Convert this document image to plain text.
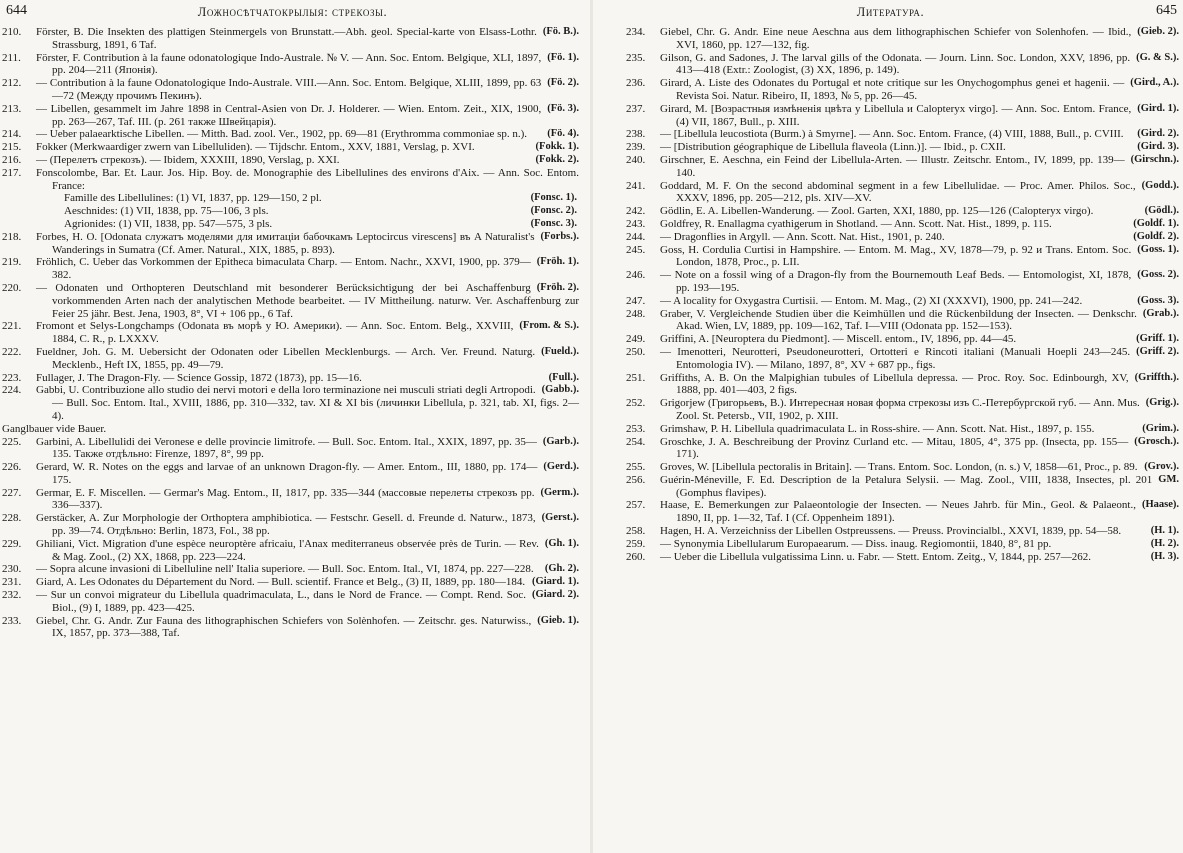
644	Ложносѣтчатокрылыя: стрекозы.
(Fö. B.).
210. Förster, B. Die Insekten des plattigen Steinmergels von Brunstatt.—Abh. geol. Special-karte von Elsass-Lothr. Strassburg, 1891, 6 Taf.
(Fö. 1).
211. Förster, F. Contribution à la faune odonatologique Indo-Australe. № V. — Ann. Soc. Entom. Belgique, XLI, 1897, pp. 204—211 (Японія).
(Fö. 2).
212. — Contribution à la faune Odonatologique Indo-Australe. VIII.—Ann. Soc. Entom. Belgique, XLIII, 1899, pp. 63—72 (Между прочимъ Пекинъ).
(Fö. 3).
213. — Libellen, gesammelt im Jahre 1898 in Central-Asien von Dr. J. Holderer. — Wien. Entom. Zeit., XIX, 1900, pp. 263—267, Taf. III. (p. 261 также Швейцарія).
(Fö. 4).
214. — Ueber palaearktische Libellen. — Mitth. Bad. zool. Ver., 1902, pp. 69—81 (Erythromma commoniae sp. n.).
(Fokk. 1).
215. Fokker (Merkwaardiger zwern van Libelluliden). — Tijdschr. Entom., XXV, 1881, Verslag, p. XVI.
(Fokk. 2).
216. — (Перелетъ стрекозъ). — Ibidem, XXXIII, 1890, Verslag, p. XXI.
217. Fonscolombe, Bar. Et. Laur. Jos. Hip. Boy. de. Monographie des Libellulines des environs d'Aix. — Ann. Soc. Entom. France:
(Fonsc. 1).
Famille des Libellulines: (1) VI, 1837, pp. 129—150, 2 pl.
(Fonsc. 2).
Aeschnides: (1) VII, 1838, pp. 75—106, 3 pls.
(Fonsc. 3).
Agrionides: (1) VII, 1838, pp. 547—575, 3 pls.
(Forbs.).
218. Forbes, H. O. [Odonata служатъ моделями для имитаціи бабочкамъ Leptocircus virescens] въ A Naturalist's Wanderings in Sumatra (Cf. Amer. Natural., XIX, 1885, p. 893).
(Fröh. 1).
219. Fröhlich, C. Ueber das Vorkommen der Epitheca bimaculata Charp. — Entom. Nachr., XXVI, 1900, pp. 379—382.
(Fröh. 2).
220. — Odonaten und Orthopteren Deutschland mit besonderer Berücksichtigung der bei Aschaffenburg vorkommenden Arten nach der analytischen Methode bearbeitet. — IV Mittheilung. naturw. Ver. Aschaffenburg zur Feier 25 jähr. Best. Jena, 1903, 8°, VI + 106 pp., 6 Taf.
(From. & S.).
221. Fromont et Selys-Longchamps (Odonata въ морѣ у Ю. Америки). — Ann. Soc. Entom. Belg., XXVIII, 1884, C. R., p. LXXXV.
(Fueld.).
222. Fueldner, Joh. G. M. Uebersicht der Odonaten oder Libellen Mecklenburgs. — Arch. Ver. Freund. Naturg. Mecklenb., Heft IX, 1855, pp. 49—79.
(Full.).
223. Fullager, J. The Dragon-Fly. — Science Gossip, 1872 (1873), pp. 15—16.
(Gabb.).
224. Gabbi, U. Contribuzione allo studio dei nervi motori e della loro terminazione nei musculi striati degli Artropodi. — Bull. Soc. Entom. Ital., XVIII, 1886, pp. 310—332, tav. XI & XI bis (личинки Libellula, p. 321, tab. XI, figs. 2—4).
Ganglbauer vide Bauer.
(Garb.).
225. Garbini, A. Libellulidi dei Veronese e delle provincie limitrofe. — Bull. Soc. Entom. Ital., XXIX, 1897, pp. 35—135. Также отдѣльно: Firenze, 1897, 8°, 99 pp.
(Gerd.).
226. Gerard, W. R. Notes on the eggs and larvae of an unknown Dragon-fly. — Amer. Entom., III, 1880, pp. 174—175.
(Germ.).
227. Germar, E. F. Miscellen. — Germar's Mag. Entom., II, 1817, pp. 335—344 (массовые перелеты стрекозъ pp. 336—337).
(Gerst.).
228. Gerstäcker, A. Zur Morphologie der Orthoptera amphibiotica. — Festschr. Gesell. d. Freunde d. Naturw., 1873, pp. 39—74. Отдѣльно: Berlin, 1873, Fol., 38 pp.
(Gh. 1).
229. Ghiliani, Vict. Migration d'une espèce neuroptère africaiu, l'Anax mediterraneus observée près de Turin. — Rev. & Mag. Zool., (2) XX, 1868, pp. 223—224.
(Gh. 2).
230. — Sopra alcune invasioni di Libelluline nell' Italia superiore. — Bull. Soc. Entom. Ital., VI, 1874, pp. 227—228.
(Giard. 1).
231. Giard, A. Les Odonates du Département du Nord. — Bull. scientif. France et Belg., (3) II, 1889, pp. 180—184.
(Giard. 2).
232. — Sur un convoi migrateur du Libellula quadrimaculata, L., dans le Nord de France. — Compt. Rend. Soc. Biol., (9) I, 1889, pp. 423—425.
(Gieb. 1).
233. Giebel, Chr. G. Andr. Zur Fauna des lithographischen Schiefers von Solènhofen. — Zeitschr. ges. Naturwiss., IX, 1857, pp. 373—388, Taf.
Литература.	645
(Gieb. 2).
234. Giebel, Chr. G. Andr. Eine neue Aeschna aus dem lithographischen Schiefer von Solenhofen. — Ibid., XVI, 1860, pp. 127—132, fig.
(G. & S.).
235. Gilson, G. and Sadones, J. The larval gills of the Odonata. — Journ. Linn. Soc. London, XXV, 1896, pp. 413—418 (Extr.: Zoologist, (3) XX, 1896, p. 149).
(Gird., A.).
236. Girard, A. Liste des Odonates du Portugal et note critique sur les Onychogomphus genei et hagenii. — Revista Soi. Natur. Ribeiro, II, 1893, № 5, pp. 26—45.
(Gird. 1).
237. Girard, M. [Возрастныя измѣненія цвѣта у Libellula и Calopteryx virgo]. — Ann. Soc. Entom. France, (4) VII, 1867, Bull., p. XIII.
(Gird. 2).
238. — [Libellula leucostiota (Burm.) à Smyrne]. — Ann. Soc. Entom. France, (4) VIII, 1888, Bull., p. CVIII.
(Gird. 3).
239. — [Distribution géographique de Libellula flaveola (Linn.)]. — Ibid., p. CXII.
(Girschn.).
240. Girschner, E. Aeschna, ein Feind der Libellula-Arten. — Illustr. Zeitschr. Entom., IV, 1899, pp. 139—140.
(Godd.).
241. Goddard, M. F. On the second abdominal segment in a few Libellulidae. — Proc. Amer. Philos. Soc., XXXV, 1896, pp. 205—212, pls. XIV—XV.
(Gödl.).
242. Gödlin, E. A. Libellen-Wanderung. — Zool. Garten, XXI, 1880, pp. 125—126 (Calopteryx virgo).
(Goldf. 1).
243. Goldfrey, R. Enallagma cyathigerum in Shotland. — Ann. Scott. Nat. Hist., 1899, p. 115.
(Goldf. 2).
244. — Dragonflies in Argyll. — Ann. Scott. Nat. Hist., 1901, p. 240.
(Goss. 1).
245. Goss, H. Cordulia Curtisi in Hampshire. — Entom. M. Mag., XV, 1878—79, p. 92 и Trans. Entom. Soc. London, 1878, Proc., p. LII.
(Goss. 2).
246. — Note on a fossil wing of a Dragon-fly from the Bournemouth Leaf Beds. — Entomologist, XI, 1878, pp. 193—195.
(Goss. 3).
247. — A locality for Oxygastra Curtisii. — Entom. M. Mag., (2) XI (XXXVI), 1900, pp. 241—242.
(Grab.).
248. Graber, V. Vergleichende Studien über die Keimhüllen und die Rückenbildung der Insecten. — Denkschr. Akad. Wien, LV, 1889, pp. 109—162, Taf. I—VIII (Odonata pp. 152—153).
(Griff. 1).
249. Griffini, A. [Neuroptera du Piedmont]. — Miscell. entom., IV, 1896, pp. 44—45.
(Griff. 2).
250. — Imenotteri, Neurotteri, Pseudoneurotteri, Ortotteri e Rincoti italiani (Manuali Hoepli 243—245. Entomologia IV). — Milano, 1897, 8°, XV + 687 pp., figs.
(Griffth.).
251. Griffiths, A. B. On the Malpighian tubules of Libellula depressa. — Proc. Roy. Soc. Edinbourgh, XV, 1888, pp. 401—403, 2 figs.
(Grig.).
252. Grigorjew (Григорьевъ, В.). Интересная новая форма стрекозы изъ С.-Петербургской губ. — Ann. Mus. Zool. St. Petersb., VII, 1902, p. XIII.
(Grim.).
253. Grimshaw, P. H. Libellula quadrimaculata L. in Ross-shire. — Ann. Scott. Nat. Hist., 1897, p. 155.
(Grosch.).
254. Groschke, J. A. Beschreibung der Provinz Curland etc. — Mitau, 1805, 4°, 375 pp. (Insecta, pp. 155—171).
(Grov.).
255. Groves, W. [Libellula pectoralis in Britain]. — Trans. Entom. Soc. London, (n. s.) V, 1858—61, Proc., p. 89.
GM.
256. Guérin-Méneville, F. Ed. Description de la Petalura Selysii. — Mag. Zool., VIII, 1838, Insectes, pl. 201 (Gomphus flavipes).
(Haase).
257. Haase, E. Bemerkungen zur Palaeontologie der Insecten. — Neues Jahrb. für Min., Geol. & Palaeont., 1890, II, pp. 1—32, Taf. I (Cf. Oppenheim 1891).
(H. 1).
258. Hagen, H. A. Verzeichniss der Libellen Ostpreussens. — Preuss. Provincialbl., XXVI, 1839, pp. 54—58.
(H. 2).
259. — Synonymia Libellularum Europaearum. — Diss. inaug. Regiomontii, 1840, 8°, 81 pp.
(H. 3).
260. — Ueber die Libellula vulgatissima Linn. u. Fabr. — Stett. Entom. Zeitg., V, 1844, pp. 257—262.
